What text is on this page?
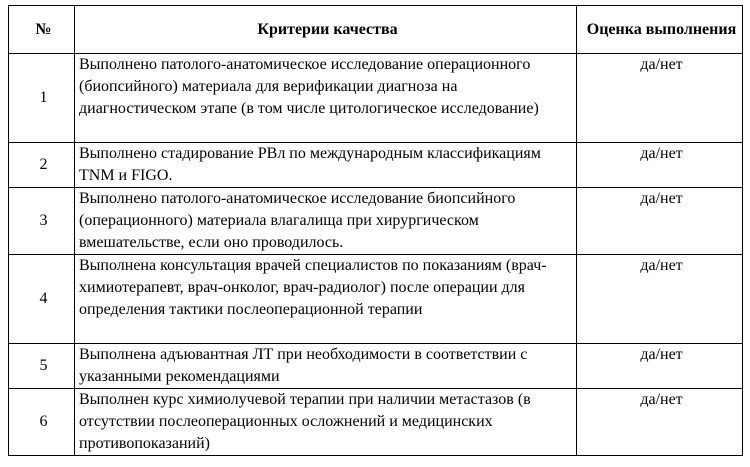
№	Критерии качества	Оценка выполнения
1	Выполнено патолого-анатомическое исследование операционного (биопсийного) материала для верификации диагноза на диагностическом этапе (в том числе цитологическое исследование)	да/нет
2	Выполнено стадирование РВл по международным классификациям TNM и FIGO.	да/нет
3	Выполнено патолого-анатомическое исследование биопсийного (операционного) материала влагалища при хирургическом вмешательстве, если оно проводилось.	да/нет
4	Выполнена консультация врачей специалистов по показаниям (врач-химиотерапевт, врач-онколог, врач-радиолог) после операции для определения тактики послеоперационной терапии	да/нет
5	Выполнена адъювантная ЛТ при необходимости в соответствии с указанными рекомендациями	да/нет
6	Выполнен курс химиолучевой терапии при наличии метастазов (в отсутствии послеоперационных осложнений и медицинских противопоказаний)	да/нет
